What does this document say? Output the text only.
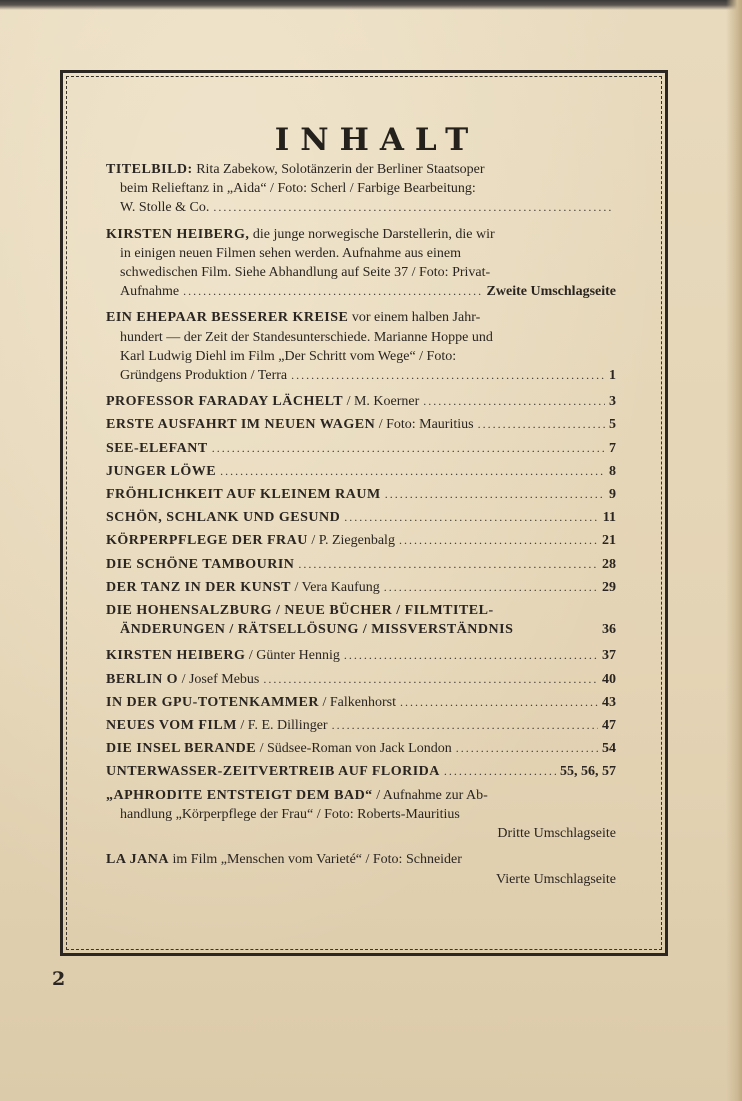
INHALT
TITELBILD: Rita Zabekow, Solotänzerin der Berliner Staatsoper
beim Relieftanz in „Aida“ / Foto: Scherl / Farbige Bearbeitung:
W. Stolle & Co.
.....
KIRSTEN HEIBERG, die junge norwegische Darstellerin, die wir
in einigen neuen Filmen sehen werden. Aufnahme aus einem
schwedischen Film. Siehe Abhandlung auf Seite 37 / Foto: Privat-
Aufnahme .....	Zweite Umschlagseite
EIN EHEPAAR BESSERER KREISE vor einem halben Jahr-
hundert — der Zeit der Standesunterschiede. Marianne Hoppe und
Karl Ludwig Diehl im Film „Der Schritt vom Wege“ / Foto:
Gründgens Produktion / Terra .....	1
PROFESSOR FARADAY LÄCHELT / M. Koerner .....	3
ERSTE AUSFAHRT IM NEUEN WAGEN / Foto: Mauritius .....	5
SEE-ELEFANT .....	7
JUNGER LÖWE .....	8
FRÖHLICHKEIT AUF KLEINEM RAUM .....	9
SCHÖN, SCHLANK UND GESUND .....	11
KÖRPERPFLEGE DER FRAU / P. Ziegenbalg .....	21
DIE SCHÖNE TAMBOURIN .....	28
DER TANZ IN DER KUNST / Vera Kaufung .....	29
DIE HOHENSALZBURG / NEUE BÜCHER / FILMTITEL-
ÄNDERUNGEN / RÄTSELLÖSUNG / MISSVERSTÄNDNIS	36
KIRSTEN HEIBERG / Günter Hennig .....	37
BERLIN O / Josef Mebus .....	40
IN DER GPU-TOTENKAMMER / Falkenhorst .....	43
NEUES VOM FILM / F. E. Dillinger .....	47
DIE INSEL BERANDE / Südsee-Roman von Jack London .....	54
UNTERWASSER-ZEITVERTREIB AUF FLORIDA .....	55, 56, 57
„APHRODITE ENTSTEIGT DEM BAD“ / Aufnahme zur Ab-
handlung „Körperpflege der Frau“ / Foto: Roberts-Mauritius
Dritte Umschlagseite
LA JANA im Film „Menschen vom Varieté“ / Foto: Schneider
Vierte Umschlagseite
2
